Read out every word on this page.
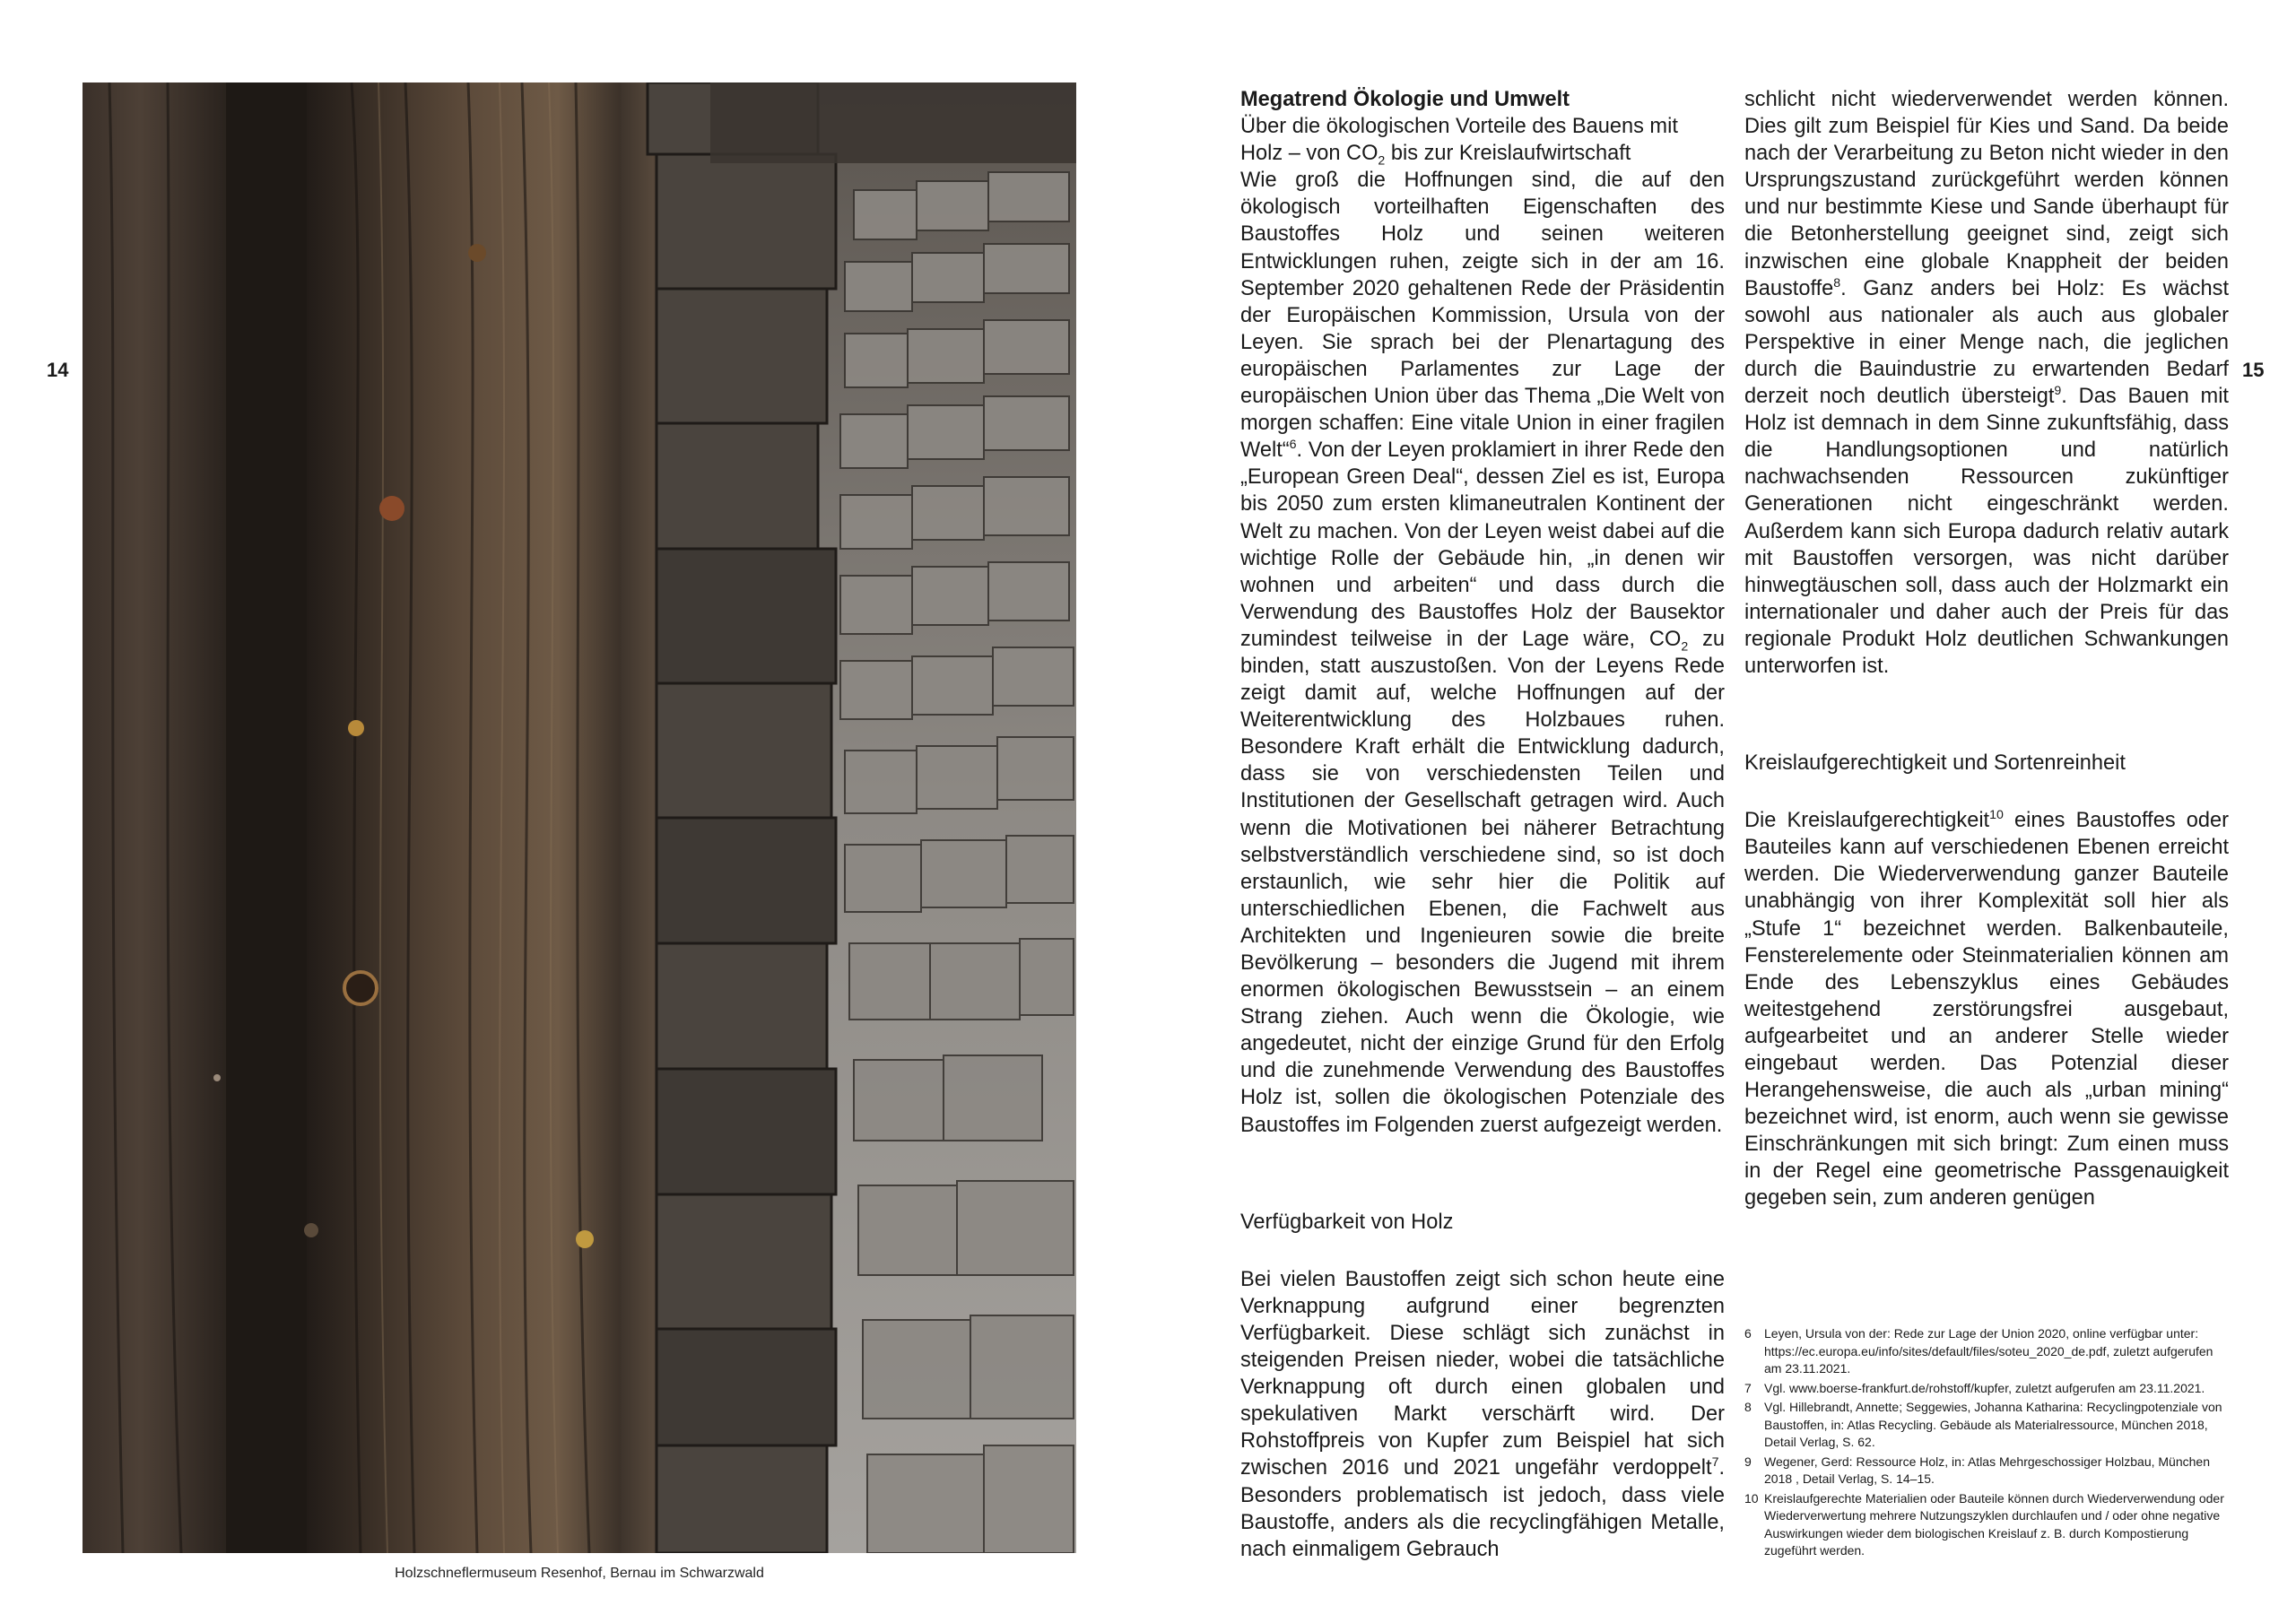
14	15
Holzschneflermuseum Resenhof, Bernau im Schwarzwald

Megatrend Ökologie und Umwelt

Über die ökologischen Vorteile des Bauens mit Holz – von $CO_2$ bis zur Kreislaufwirtschaft

Wie groß die Hoffnungen sind, die auf den ökologisch vorteilhaften Eigenschaften des Baustoffes Holz und seinen weiteren Entwicklungen ruhen, zeigte sich in der am 16. September 2020 gehaltenen Rede der Präsidentin der Europäischen Kommission, Ursula von der Leyen. Sie sprach bei der Plenartagung des europäischen Parlamentes zur Lage der europäischen Union über das Thema „Die Welt von morgen schaffen: Eine vitale Union in einer fragilen Welt“$^6$. Von der Leyen proklamiert in ihrer Rede den „European Green Deal“, dessen Ziel es ist, Europa bis 2050 zum ersten klimaneutralen Kontinent der Welt zu machen. Von der Leyen weist dabei auf die wichtige Rolle der Gebäude hin, „in denen wir wohnen und arbeiten“ und dass durch die Verwendung des Baustoffes Holz der Bausektor zumindest teilweise in der Lage wäre, $CO_2$ zu binden, statt auszustoßen. Von der Leyens Rede zeigt damit auf, welche Hoffnungen auf der Weiterentwicklung des Holzbaues ruhen. Besondere Kraft erhält die Entwicklung dadurch, dass sie von verschiedensten Teilen und Institutionen der Gesellschaft getragen wird. Auch wenn die Motivationen bei näherer Betrachtung selbstverständlich verschiedene sind, so ist doch erstaunlich, wie sehr hier die Politik auf unterschiedlichen Ebenen, die Fachwelt aus Architekten und Ingenieuren sowie die breite Bevölkerung – besonders die Jugend mit ihrem enormen ökologischen Bewusstsein – an einem Strang ziehen. Auch wenn die Ökologie, wie angedeutet, nicht der einzige Grund für den Erfolg und die zunehmende Verwendung des Baustoffes Holz ist, sollen die ökologischen Potenziale des Baustoffes im Folgenden zuerst aufgezeigt werden.

Verfügbarkeit von Holz

Bei vielen Baustoffen zeigt sich schon heute eine Verknappung aufgrund einer begrenzten Verfügbarkeit. Diese schlägt sich zunächst in steigenden Preisen nieder, wobei die tatsächliche Verknappung oft durch einen globalen und spekulativen Markt verschärft wird. Der Rohstoffpreis von Kupfer zum Beispiel hat sich zwischen 2016 und 2021 ungefähr verdoppelt$^7$. Besonders problematisch ist jedoch, dass viele Baustoffe, anders als die recyclingfähigen Metalle, nach einmaligem Gebrauch

schlicht nicht wiederverwendet werden können. Dies gilt zum Beispiel für Kies und Sand. Da beide nach der Verarbeitung zu Beton nicht wieder in den Ursprungszustand zurückgeführt werden können und nur bestimmte Kiese und Sande überhaupt für die Betonherstellung geeignet sind, zeigt sich inzwischen eine globale Knappheit der beiden Baustoffe$^8$. Ganz anders bei Holz: Es wächst sowohl aus nationaler als auch aus globaler Perspektive in einer Menge nach, die jeglichen durch die Bauindustrie zu erwartenden Bedarf derzeit noch deutlich übersteigt$^9$. Das Bauen mit Holz ist demnach in dem Sinne zukunftsfähig, dass die Handlungsoptionen und natürlich nachwachsenden Ressourcen zukünftiger Generationen nicht eingeschränkt werden. Außerdem kann sich Europa dadurch relativ autark mit Baustoffen versorgen, was nicht darüber hinwegtäuschen soll, dass auch der Holzmarkt ein internationaler und daher auch der Preis für das regionale Produkt Holz deutlichen Schwankungen unterworfen ist.

Kreislaufgerechtigkeit und Sortenreinheit

Die Kreislaufgerechtigkeit$^{10}$ eines Baustoffes oder Bauteiles kann auf verschiedenen Ebenen erreicht werden. Die Wiederverwendung ganzer Bauteile unabhängig von ihrer Komplexität soll hier als „Stufe 1“ bezeichnet werden. Balkenbauteile, Fensterelemente oder Steinmaterialien können am Ende des Lebenszyklus eines Gebäudes weitestgehend zerstörungsfrei ausgebaut, aufgearbeitet und an anderer Stelle wieder eingebaut werden. Das Potenzial dieser Herangehensweise, die auch als „urban mining“ bezeichnet wird, ist enorm, auch wenn sie gewisse Einschränkungen mit sich bringt: Zum einen muss in der Regel eine geometrische Passgenauigkeit gegeben sein, zum anderen genügen

6	Leyen, Ursula von der: Rede zur Lage der Union 2020, online verfügbar unter: https://ec.europa.eu/info/sites/default/files/soteu_2020_de.pdf, zuletzt aufgerufen am 23.11.2021.
7	Vgl. www.boerse-frankfurt.de/rohstoff/kupfer, zuletzt aufgerufen am 23.11.2021.
8	Vgl. Hillebrandt, Annette; Seggewies, Johanna Katharina: Recyclingpotenziale von Baustoffen, in: Atlas Recycling. Gebäude als Materialressource, München 2018, Detail Verlag, S. 62.
9	Wegener, Gerd: Ressource Holz, in: Atlas Mehrgeschossiger Holzbau, München 2018 , Detail Verlag, S. 14–15.
10 Kreislaufgerechte Materialien oder Bauteile können durch Wiederverwendung oder Wiederverwertung mehrere Nutzungszyklen durchlaufen und / oder ohne negative Auswirkungen wieder dem biologischen Kreislauf z. B. durch Kompostierung zugeführt werden.
